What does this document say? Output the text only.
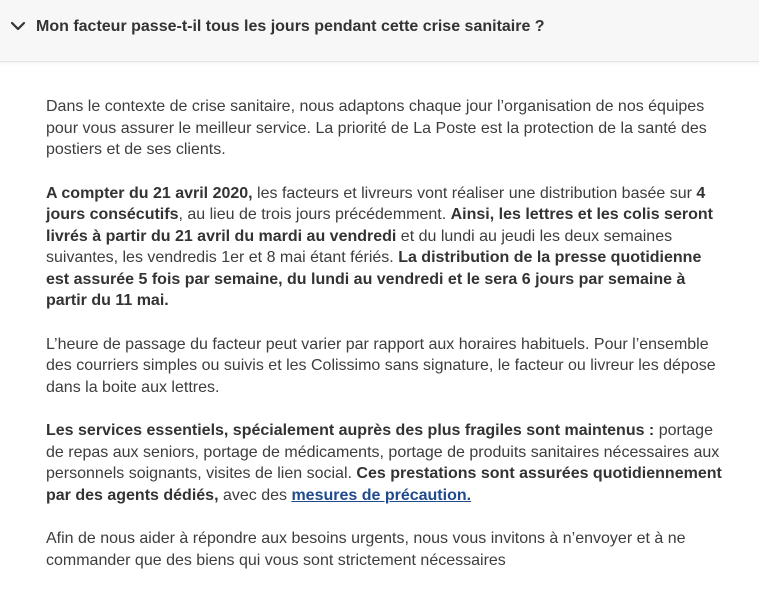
Mon facteur passe-t-il tous les jours pendant cette crise sanitaire ?

Dans le contexte de crise sanitaire, nous adaptons chaque jour l’organisation de nos équipes pour vous assurer le meilleur service. La priorité de La Poste est la protection de la santé des postiers et de ses clients.

A compter du 21 avril 2020, les facteurs et livreurs vont réaliser une distribution basée sur 4 jours consécutifs, au lieu de trois jours précédemment. Ainsi, les lettres et les colis seront livrés à partir du 21 avril du mardi au vendredi et du lundi au jeudi les deux semaines suivantes, les vendredis 1er et 8 mai étant fériés. La distribution de la presse quotidienne est assurée 5 fois par semaine, du lundi au vendredi et le sera 6 jours par semaine à partir du 11 mai.

L’heure de passage du facteur peut varier par rapport aux horaires habituels. Pour l’ensemble des courriers simples ou suivis et les Colissimo sans signature, le facteur ou livreur les dépose dans la boite aux lettres.

Les services essentiels, spécialement auprès des plus fragiles sont maintenus : portage de repas aux seniors, portage de médicaments, portage de produits sanitaires nécessaires aux personnels soignants, visites de lien social. Ces prestations sont assurées quotidiennement par des agents dédiés, avec des mesures de précaution.

Afin de nous aider à répondre aux besoins urgents, nous vous invitons à n’envoyer et à ne commander que des biens qui vous sont strictement nécessaires
